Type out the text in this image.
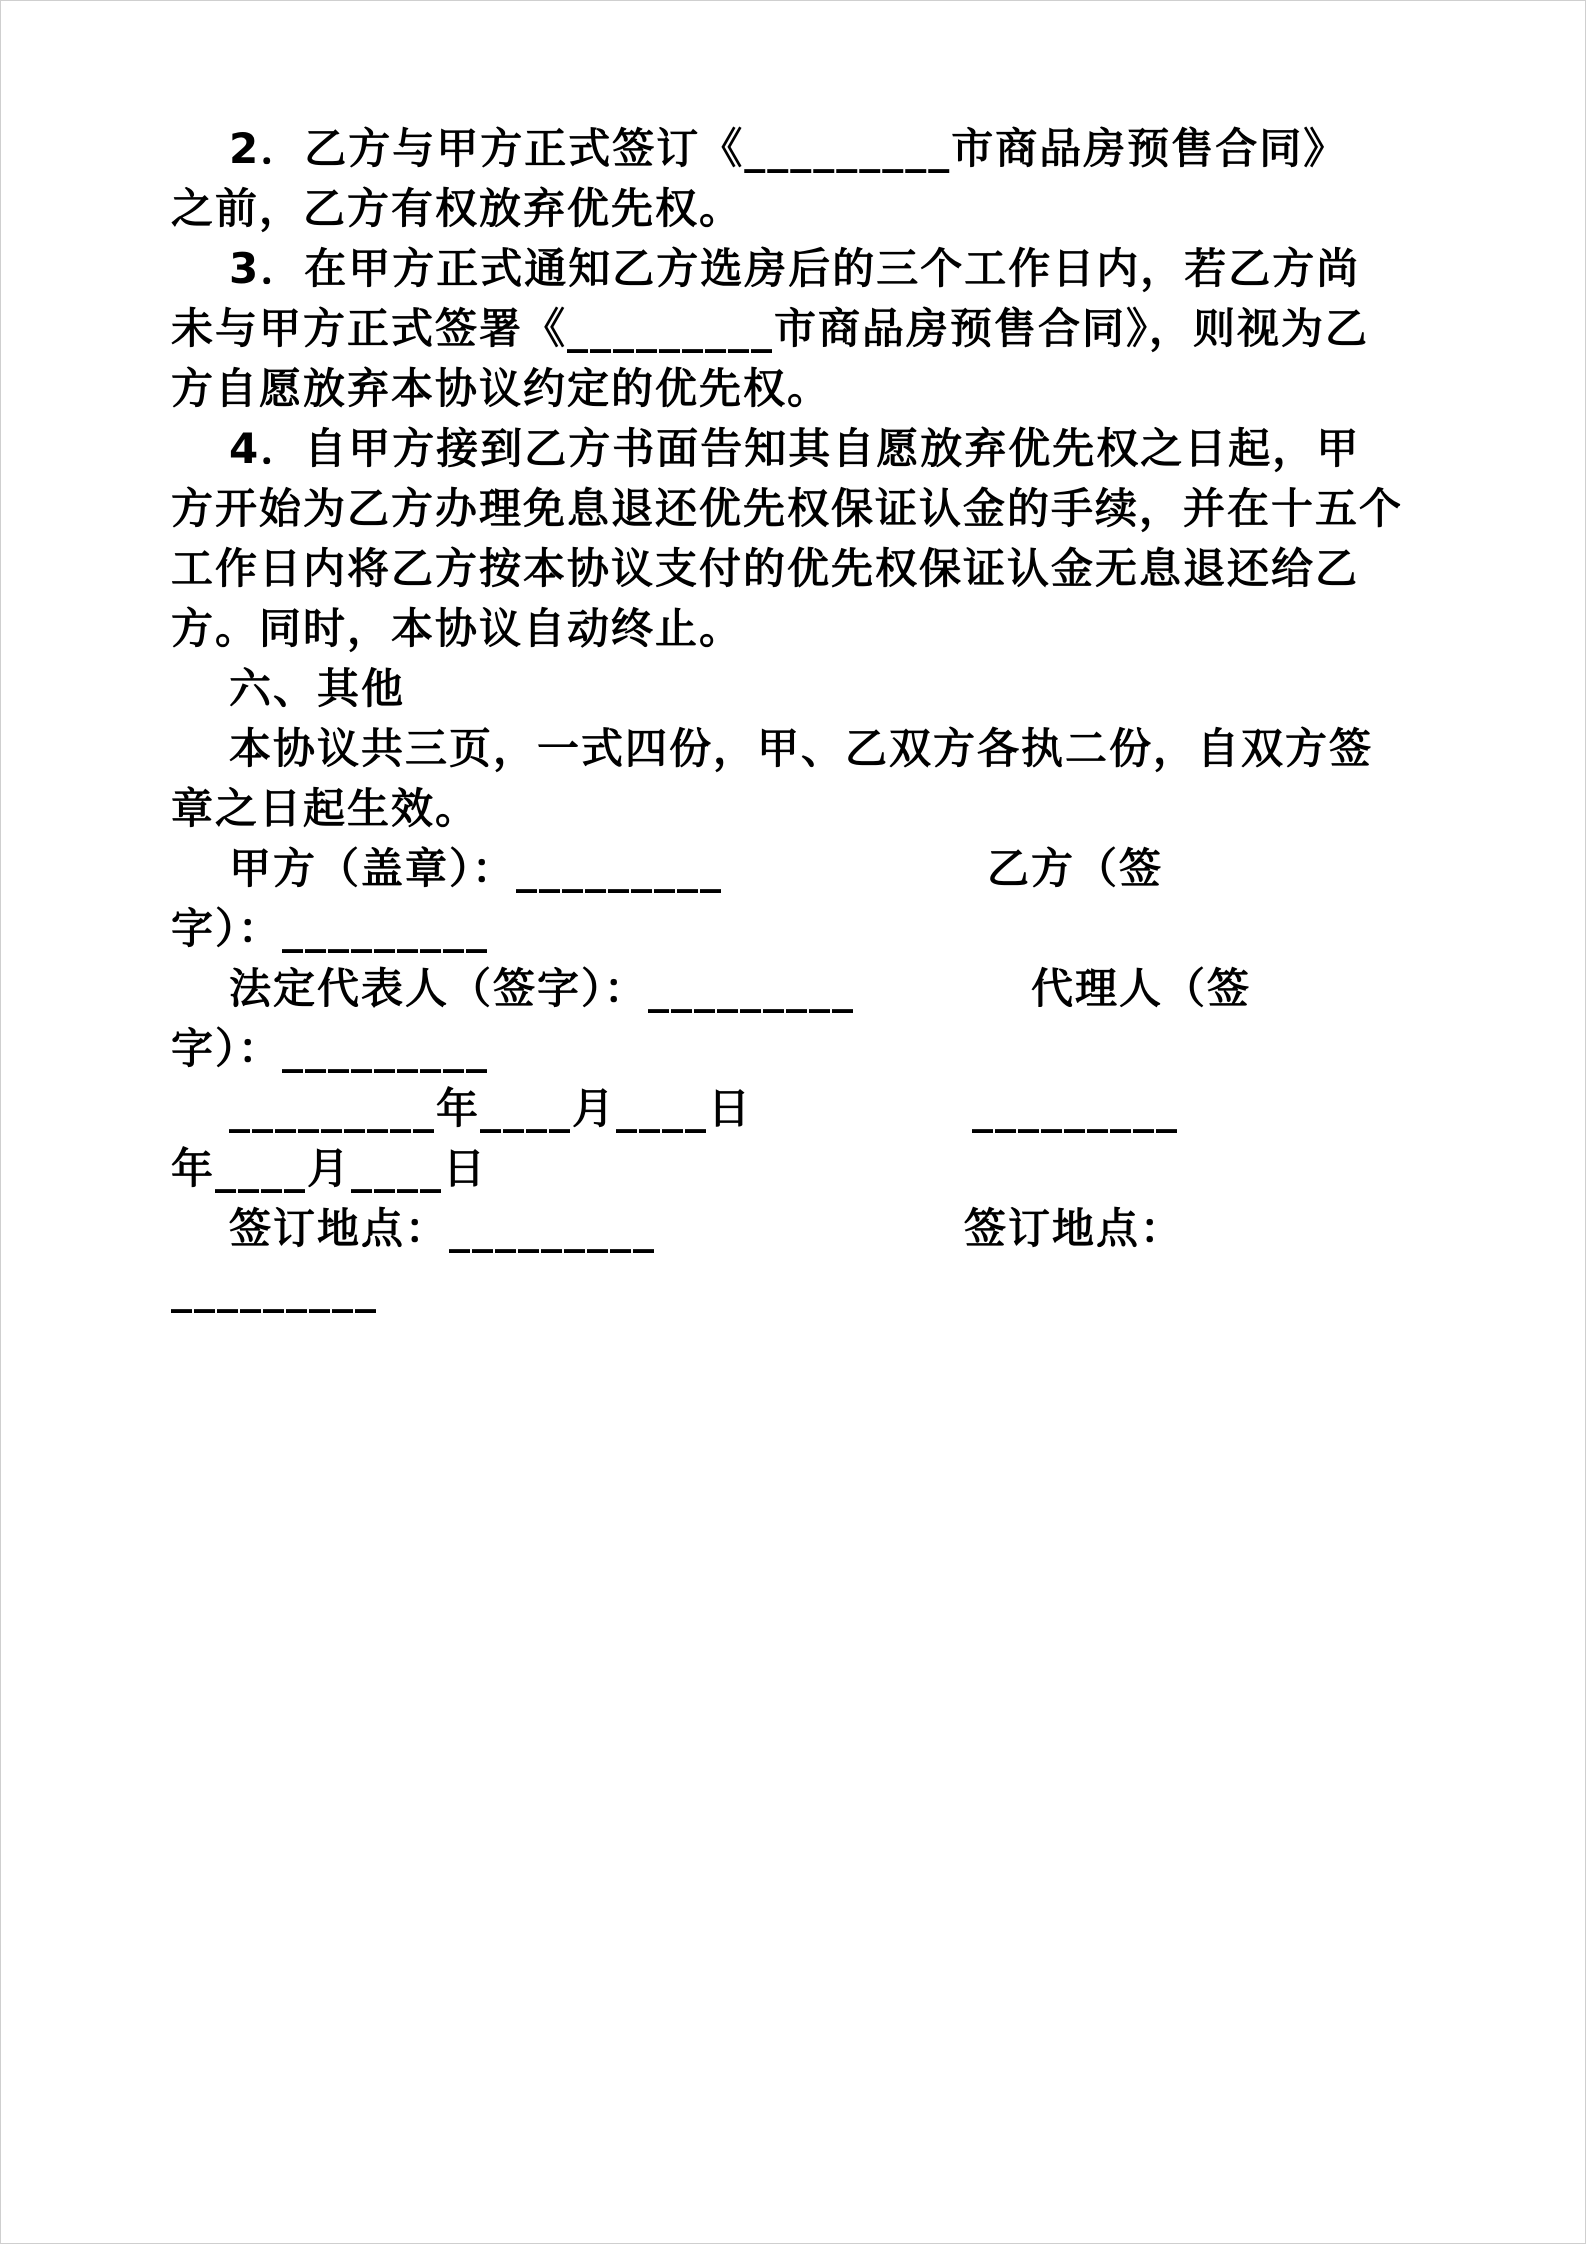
2．乙方与甲方正式签订《_________市商品房预售合同》
之前，乙方有权放弃优先权。
3．在甲方正式通知乙方选房后的三个工作日内，若乙方尚
未与甲方正式签署《_________市商品房预售合同》，则视为乙
方自愿放弃本协议约定的优先权。
4．自甲方接到乙方书面告知其自愿放弃优先权之日起，甲
方开始为乙方办理免息退还优先权保证认金的手续，并在十五个
工作日内将乙方按本协议支付的优先权保证认金无息退还给乙
方。同时，本协议自动终止。
六、其他
本协议共三页，一式四份，甲、乙双方各执二份，自双方签
章之日起生效。
甲方（盖章）：_________　　　　　　乙方（签
字）：_________
法定代表人（签字）：_________　　　　代理人（签
字）：_________
_________年____月____日　　　　　_________
年____月____日
签订地点：_________　　　　　　　签订地点：
_________
